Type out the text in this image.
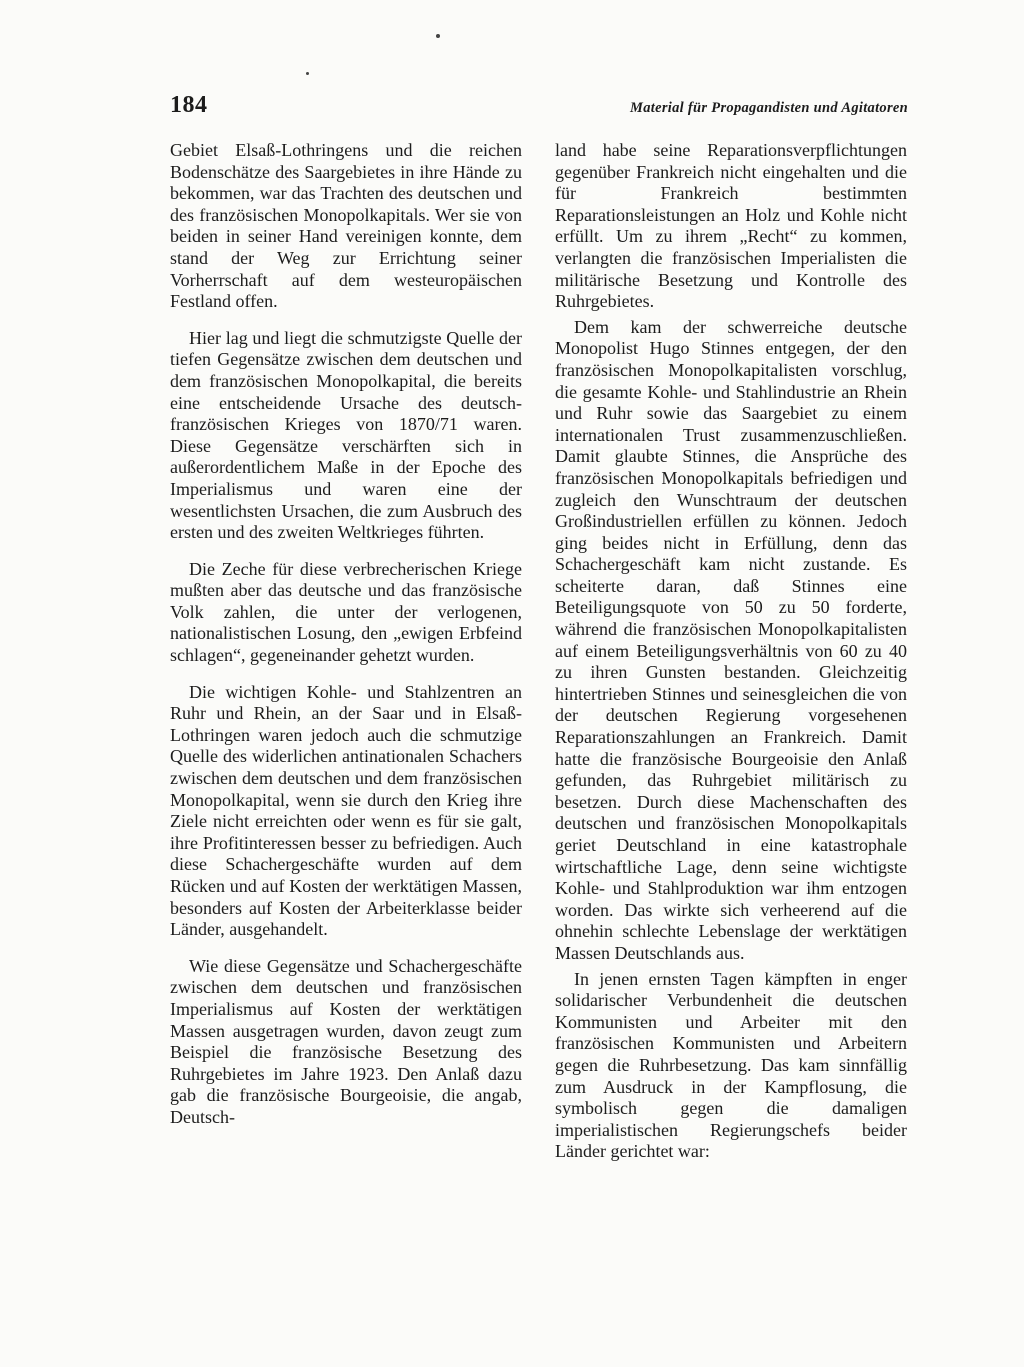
184	Material für Propagandisten und Agitatoren

Gebiet Elsaß-Lothringens und die reichen Bodenschätze des Saargebietes in ihre Hände zu bekommen, war das Trachten des deutschen und des französischen Monopolkapitals. Wer sie von beiden in seiner Hand vereinigen konnte, dem stand der Weg zur Errichtung seiner Vorherrschaft auf dem westeuropäischen Festland offen.

Hier lag und liegt die schmutzigste Quelle der tiefen Gegensätze zwischen dem deutschen und dem französischen Monopolkapital, die bereits eine entscheidende Ursache des deutsch-französischen Krieges von 1870/71 waren. Diese Gegensätze verschärften sich in außerordentlichem Maße in der Epoche des Imperialismus und waren eine der wesentlichsten Ursachen, die zum Ausbruch des ersten und des zweiten Weltkrieges führten.

Die Zeche für diese verbrecherischen Kriege mußten aber das deutsche und das französische Volk zahlen, die unter der verlogenen, nationalistischen Losung, den „ewigen Erbfeind schlagen“, gegeneinander gehetzt wurden.

Die wichtigen Kohle- und Stahlzentren an Ruhr und Rhein, an der Saar und in Elsaß-Lothringen waren jedoch auch die schmutzige Quelle des widerlichen antinationalen Schachers zwischen dem deutschen und dem französischen Monopolkapital, wenn sie durch den Krieg ihre Ziele nicht erreichten oder wenn es für sie galt, ihre Profitinteressen besser zu befriedigen. Auch diese Schachergeschäfte wurden auf dem Rücken und auf Kosten der werktätigen Massen, besonders auf Kosten der Arbeiterklasse beider Länder, ausgehandelt.

Wie diese Gegensätze und Schachergeschäfte zwischen dem deutschen und französischen Imperialismus auf Kosten der werktätigen Massen ausgetragen wurden, davon zeugt zum Beispiel die französische Besetzung des Ruhrgebietes im Jahre 1923. Den Anlaß dazu gab die französische Bourgeoisie, die angab, Deutsch-

land habe seine Reparationsverpflichtungen gegenüber Frankreich nicht eingehalten und die für Frankreich bestimmten Reparationsleistungen an Holz und Kohle nicht erfüllt. Um zu ihrem „Recht“ zu kommen, verlangten die französischen Imperialisten die militärische Besetzung und Kontrolle des Ruhrgebietes.

Dem kam der schwerreiche deutsche Monopolist Hugo Stinnes entgegen, der den französischen Monopolkapitalisten vorschlug, die gesamte Kohle- und Stahlindustrie an Rhein und Ruhr sowie das Saargebiet zu einem internationalen Trust zusammenzuschließen. Damit glaubte Stinnes, die Ansprüche des französischen Monopolkapitals befriedigen und zugleich den Wunschtraum der deutschen Großindustriellen erfüllen zu können. Jedoch ging beides nicht in Erfüllung, denn das Schachergeschäft kam nicht zustande. Es scheiterte daran, daß Stinnes eine Beteiligungsquote von 50 zu 50 forderte, während die französischen Monopolkapitalisten auf einem Beteiligungsverhältnis von 60 zu 40 zu ihren Gunsten bestanden. Gleichzeitig hintertrieben Stinnes und seinesgleichen die von der deutschen Regierung vorgesehenen Reparationszahlungen an Frankreich. Damit hatte die französische Bourgeoisie den Anlaß gefunden, das Ruhrgebiet militärisch zu besetzen. Durch diese Machenschaften des deutschen und französischen Monopolkapitals geriet Deutschland in eine katastrophale wirtschaftliche Lage, denn seine wichtigste Kohle- und Stahlproduktion war ihm entzogen worden. Das wirkte sich verheerend auf die ohnehin schlechte Lebenslage der werktätigen Massen Deutschlands aus.

In jenen ernsten Tagen kämpften in enger solidarischer Verbundenheit die deutschen Kommunisten und Arbeiter mit den französischen Kommunisten und Arbeitern gegen die Ruhrbesetzung. Das kam sinnfällig zum Ausdruck in der Kampflosung, die symbolisch gegen die damaligen imperialistischen Regierungschefs beider Länder gerichtet war:
